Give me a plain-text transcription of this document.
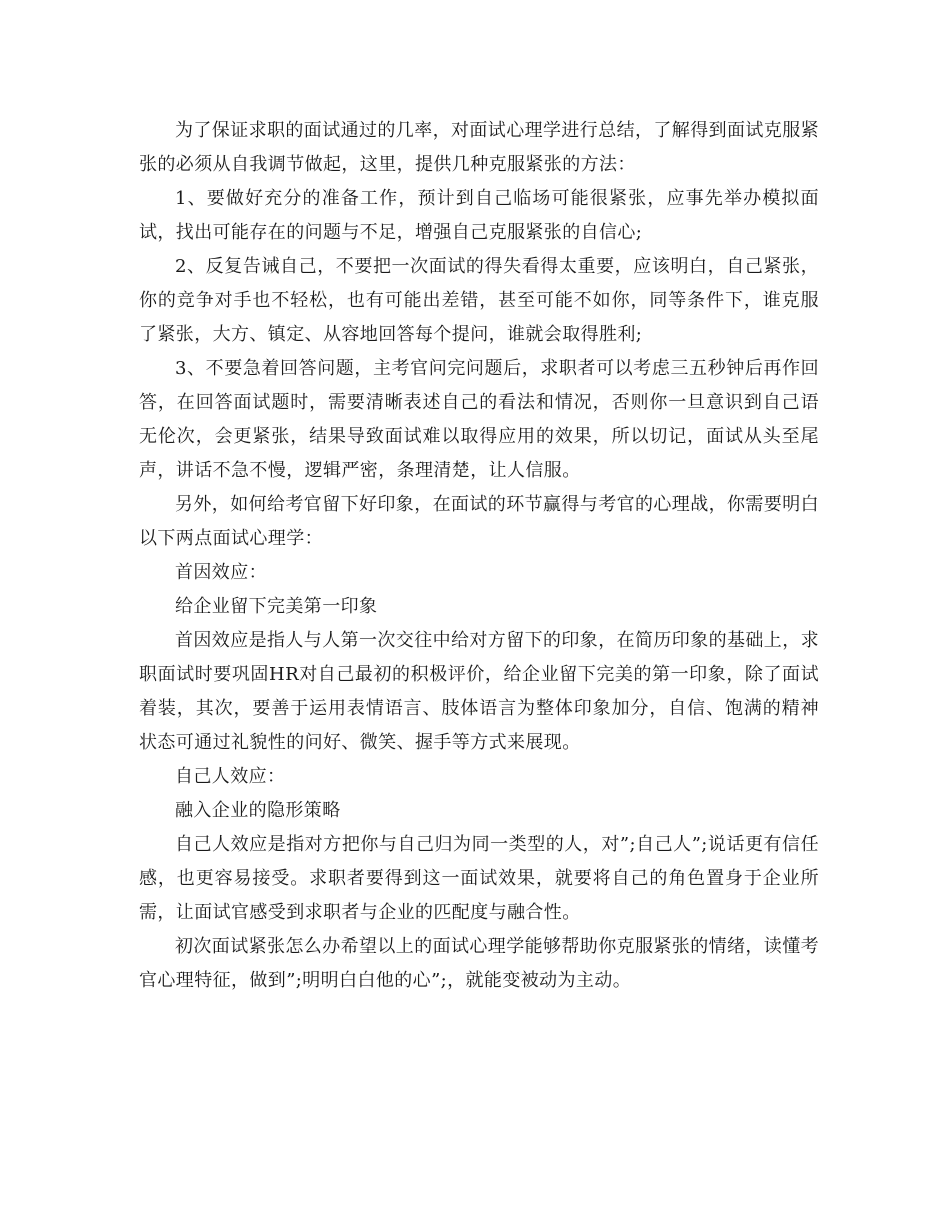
为了保证求职的面试通过的几率，对面试心理学进行总结，了解得到面试克服紧张的必须从自我调节做起，这里，提供几种克服紧张的方法：

1、要做好充分的准备工作，预计到自己临场可能很紧张，应事先举办模拟面试，找出可能存在的问题与不足，增强自己克服紧张的自信心;

2、反复告诫自己，不要把一次面试的得失看得太重要，应该明白，自己紧张，你的竞争对手也不轻松，也有可能出差错，甚至可能不如你，同等条件下，谁克服了紧张，大方、镇定、从容地回答每个提问，谁就会取得胜利;

3、不要急着回答问题，主考官问完问题后，求职者可以考虑三五秒钟后再作回答，在回答面试题时，需要清晰表述自己的看法和情况，否则你一旦意识到自己语无伦次，会更紧张，结果导致面试难以取得应用的效果，所以切记，面试从头至尾声，讲话不急不慢，逻辑严密，条理清楚，让人信服。

另外，如何给考官留下好印象，在面试的环节赢得与考官的心理战，你需要明白以下两点面试心理学：

首因效应：

给企业留下完美第一印象

首因效应是指人与人第一次交往中给对方留下的印象，在简历印象的基础上，求职面试时要巩固HR对自己最初的积极评价，给企业留下完美的第一印象，除了面试着装，其次，要善于运用表情语言、肢体语言为整体印象加分，自信、饱满的精神状态可通过礼貌性的问好、微笑、握手等方式来展现。

自己人效应：

融入企业的隐形策略

自己人效应是指对方把你与自己归为同一类型的人，对”;自己人”;说话更有信任感，也更容易接受。求职者要得到这一面试效果，就要将自己的角色置身于企业所需，让面试官感受到求职者与企业的匹配度与融合性。

初次面试紧张怎么办希望以上的面试心理学能够帮助你克服紧张的情绪，读懂考官心理特征，做到”;明明白白他的心”;，就能变被动为主动。
